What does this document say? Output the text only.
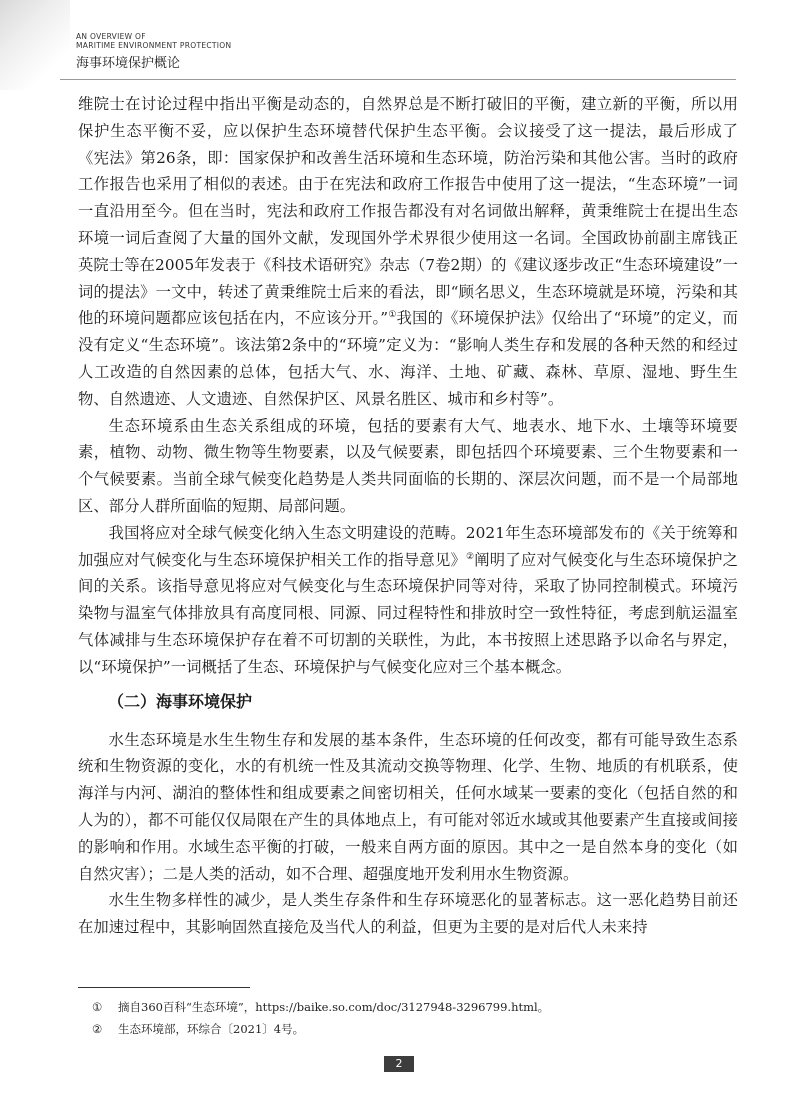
AN OVERVIEW OF
MARITIME ENVIRONMENT PROTECTION
海事环境保护概论

维院士在讨论过程中指出平衡是动态的，自然界总是不断打破旧的平衡，建立新的平衡，所以用保护生态平衡不妥，应以保护生态环境替代保护生态平衡。会议接受了这一提法，最后形成了《宪法》第26条，即：国家保护和改善生活环境和生态环境，防治污染和其他公害。当时的政府工作报告也采用了相似的表述。由于在宪法和政府工作报告中使用了这一提法，“生态环境”一词一直沿用至今。但在当时，宪法和政府工作报告都没有对名词做出解释，黄秉维院士在提出生态环境一词后查阅了大量的国外文献，发现国外学术界很少使用这一名词。全国政协前副主席钱正英院士等在2005年发表于《科技术语研究》杂志（7卷2期）的《建议逐步改正“生态环境建设”一词的提法》一文中，转述了黄秉维院士后来的看法，即“顾名思义，生态环境就是环境，污染和其他的环境问题都应该包括在内，不应该分开。”①我国的《环境保护法》仅给出了“环境”的定义，而没有定义“生态环境”。该法第2条中的“环境”定义为：“影响人类生存和发展的各种天然的和经过人工改造的自然因素的总体，包括大气、水、海洋、土地、矿藏、森林、草原、湿地、野生生物、自然遗迹、人文遗迹、自然保护区、风景名胜区、城市和乡村等”。

生态环境系由生态关系组成的环境，包括的要素有大气、地表水、地下水、土壤等环境要素，植物、动物、微生物等生物要素，以及气候要素，即包括四个环境要素、三个生物要素和一个气候要素。当前全球气候变化趋势是人类共同面临的长期的、深层次问题，而不是一个局部地区、部分人群所面临的短期、局部问题。

我国将应对全球气候变化纳入生态文明建设的范畴。2021年生态环境部发布的《关于统筹和加强应对气候变化与生态环境保护相关工作的指导意见》②阐明了应对气候变化与生态环境保护之间的关系。该指导意见将应对气候变化与生态环境保护同等对待，采取了协同控制模式。环境污染物与温室气体排放具有高度同根、同源、同过程特性和排放时空一致性特征，考虑到航运温室气体减排与生态环境保护存在着不可切割的关联性，为此，本书按照上述思路予以命名与界定，以“环境保护”一词概括了生态、环境保护与气候变化应对三个基本概念。

（二）海事环境保护

水生态环境是水生生物生存和发展的基本条件，生态环境的任何改变，都有可能导致生态系统和生物资源的变化，水的有机统一性及其流动交换等物理、化学、生物、地质的有机联系，使海洋与内河、湖泊的整体性和组成要素之间密切相关，任何水域某一要素的变化（包括自然的和人为的），都不可能仅仅局限在产生的具体地点上，有可能对邻近水域或其他要素产生直接或间接的影响和作用。水域生态平衡的打破，一般来自两方面的原因。其中之一是自然本身的变化（如自然灾害）；二是人类的活动，如不合理、超强度地开发利用水生物资源。

水生生物多样性的减少，是人类生存条件和生存环境恶化的显著标志。这一恶化趋势目前还在加速过程中，其影响固然直接危及当代人的利益，但更为主要的是对后代人未来持

①	摘自360百科“生态环境”，https://baike.so.com/doc/3127948-3296799.html。
②	生态环境部，环综合〔2021〕4号。
2
